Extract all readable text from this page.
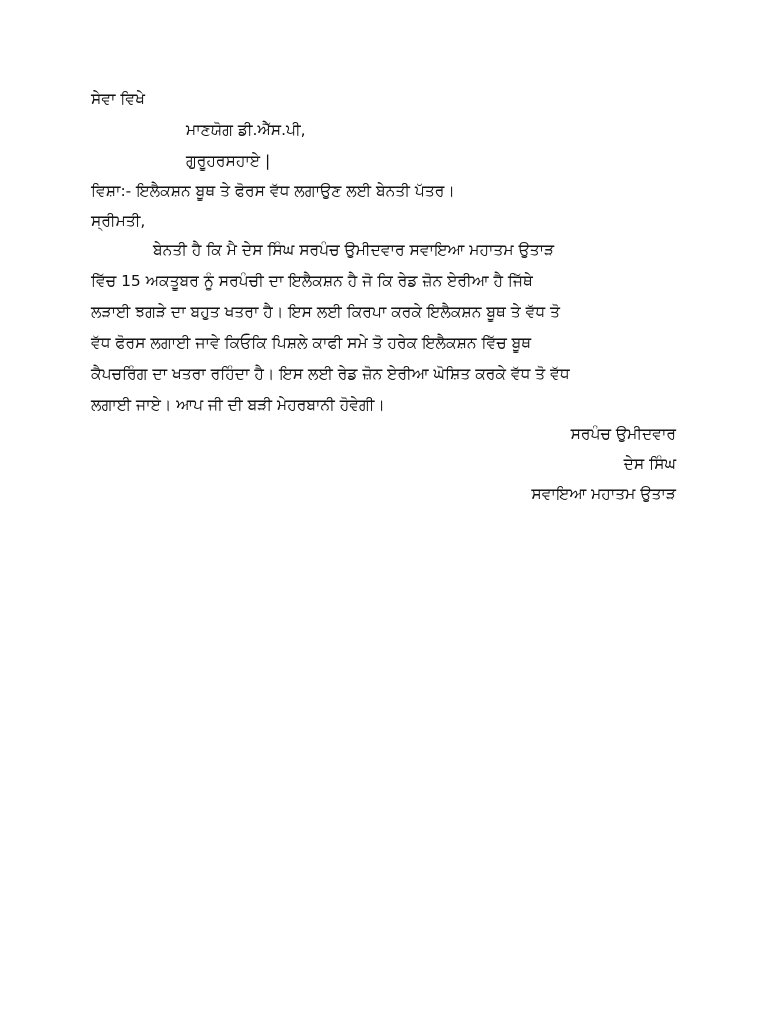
ਸੇਵਾ ਵਿਖੇ
ਮਾਣਯੋਗ ਡੀ.ਐੱਸ.ਪੀ,
ਗੁਰੂਹਰਸਹਾਏ |
ਵਿਸ਼ਾ:- ਇਲੈਕਸ਼ਨ ਬੂਥ ਤੇ ਫੋਰਸ ਵੱਧ ਲਗਾਉਣ ਲਈ ਬੇਨਤੀ ਪੱਤਰ।
ਸ੍ਰੀਮਤੀ,
ਬੇਨਤੀ ਹੈ ਕਿ ਮੈ ਦੇਸ ਸਿੰਘ ਸਰਪੰਚ ਉਮੀਦਵਾਰ ਸਵਾਇਆ ਮਹਾਤਮ ਉਤਾੜ
ਵਿੱਚ 15 ਅਕਤੂਬਰ ਨੂੰ ਸਰਪੰਚੀ ਦਾ ਇਲੈਕਸ਼ਨ ਹੈ ਜੋ ਕਿ ਰੇਡ ਜ਼ੋਨ ਏਰੀਆ ਹੈ ਜਿੱਥੇ
ਲੜਾਈ ਝਗੜੇ ਦਾ ਬਹੁਤ ਖਤਰਾ ਹੈ। ਇਸ ਲਈ ਕਿਰਪਾ ਕਰਕੇ ਇਲੈਕਸ਼ਨ ਬੂਥ ਤੇ ਵੱਧ ਤੋ
ਵੱਧ ਫੋਰਸ ਲਗਾਈ ਜਾਵੇ ਕਿਓਕਿ ਪਿਸ਼ਲੇ ਕਾਫੀ ਸਮੇ ਤੋ ਹਰੇਕ ਇਲੈਕਸ਼ਨ ਵਿੱਚ ਬੂਥ
ਕੈਪਚਰਿੰਗ ਦਾ ਖਤਰਾ ਰਹਿੰਦਾ ਹੈ। ਇਸ ਲਈ ਰੇਡ ਜ਼ੋਨ ਏਰੀਆ ਘੋਸ਼ਿਤ ਕਰਕੇ ਵੱਧ ਤੋ ਵੱਧ
ਲਗਾਈ ਜਾਏ। ਆਪ ਜੀ ਦੀ ਬੜੀ ਮੇਹਰਬਾਨੀ ਹੋਵੇਗੀ।
ਸਰਪੰਚ ਉਮੀਦਵਾਰ
ਦੇਸ ਸਿੰਘ
ਸਵਾਇਆ ਮਹਾਤਮ ਉਤਾੜ
